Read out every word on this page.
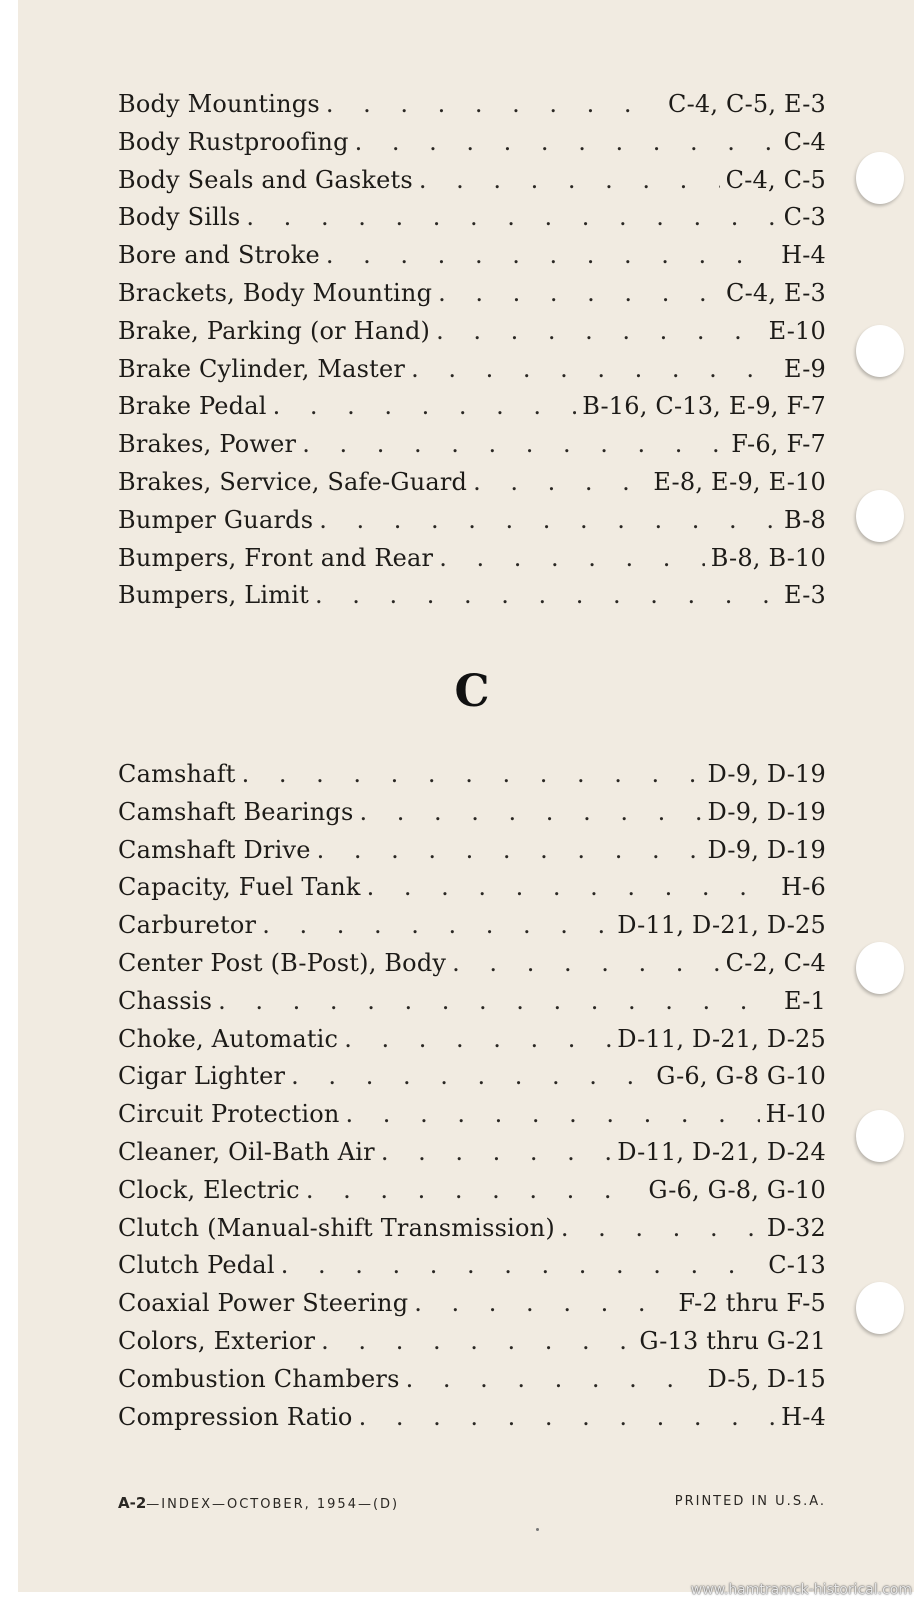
Body Mountings . . .	C-4, C-5, E-3
Body Rustproofing . . .	C-4
Body Seals and Gaskets . . .	C-4, C-5
Body Sills . . .	C-3
Bore and Stroke . . .	H-4
Brackets, Body Mounting . . .	C-4, E-3
Brake, Parking (or Hand) . . .	E-10
Brake Cylinder, Master . . .	E-9
Brake Pedal . . .	B-16, C-13, E-9, F-7
Brakes, Power . . .	F-6, F-7
Brakes, Service, Safe-Guard . . .	E-8, E-9, E-10
Bumper Guards . . .	B-8
Bumpers, Front and Rear . . .	B-8, B-10
Bumpers, Limit . . .	E-3
C
Camshaft . . .	D-9, D-19
Camshaft Bearings . . .	D-9, D-19
Camshaft Drive . . .	D-9, D-19
Capacity, Fuel Tank . . .	H-6
Carburetor . . .	D-11, D-21, D-25
Center Post (B-Post), Body . . .	C-2, C-4
Chassis . . .	E-1
Choke, Automatic . . .	D-11, D-21, D-25
Cigar Lighter . . .	G-6, G-8 G-10
Circuit Protection . . .	H-10
Cleaner, Oil-Bath Air . . .	D-11, D-21, D-24
Clock, Electric . . .	G-6, G-8, G-10
Clutch (Manual-shift Transmission) . . .	D-32
Clutch Pedal . . .	C-13
Coaxial Power Steering . . .	F-2 thru F-5
Colors, Exterior . . .	G-13 thru G-21
Combustion Chambers . . .	D-5, D-15
Compression Ratio . . .	H-4
A-2—INDEX—OCTOBER, 1954—(D)	PRINTED IN U.S.A.
www.hamtramck-historical.com
